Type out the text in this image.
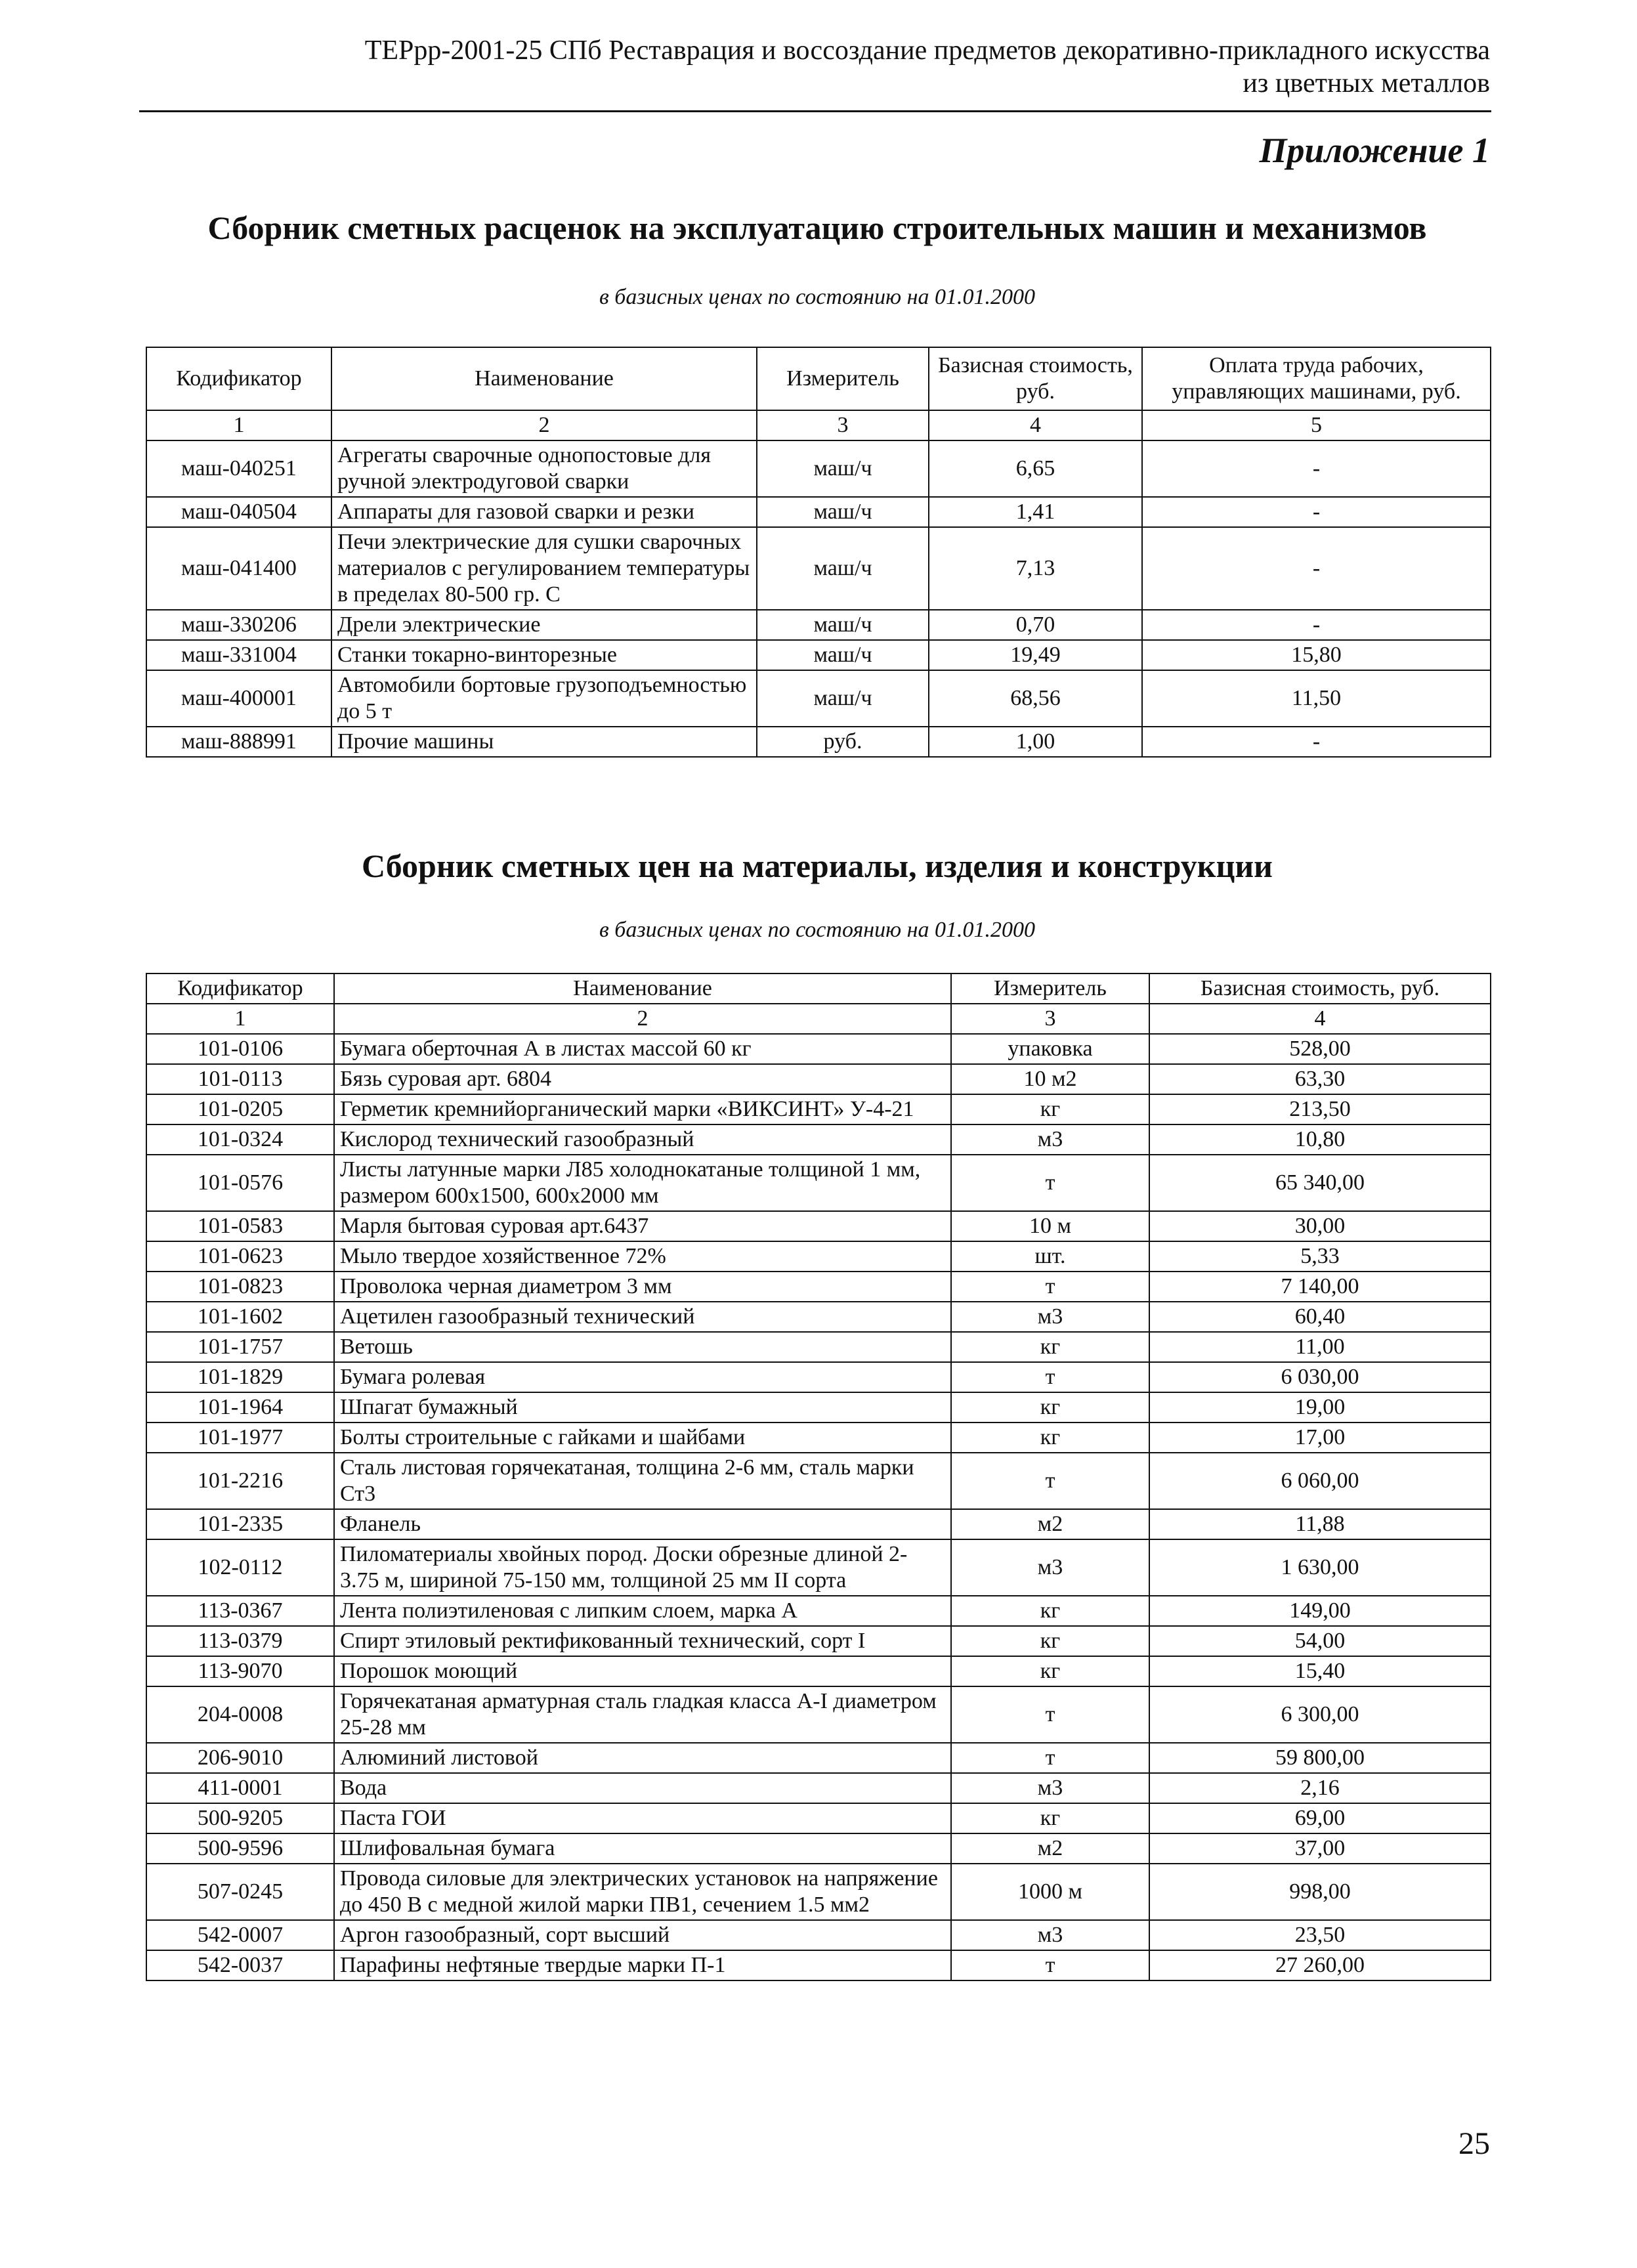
ТЕРрр-2001-25 СПб Реставрация и воссоздание предметов декоративно-прикладного искусства
из цветных металлов
Приложение 1
Сборник сметных расценок на эксплуатацию строительных машин и механизмов
в базисных ценах по состоянию на 01.01.2000
Кодификатор	Наименование	Измеритель	Базисная стоимость, руб.	Оплата труда рабочих, управляющих машинами, руб.
1	2	3	4	5
маш-040251	Агрегаты сварочные однопостовые для ручной электродуговой сварки	маш/ч	6,65	-
маш-040504	Аппараты для газовой сварки и резки	маш/ч	1,41	-
маш-041400	Печи электрические для сушки сварочных материалов с регулированием температуры в пределах 80-500 гр. С	маш/ч	7,13	-
маш-330206	Дрели электрические	маш/ч	0,70	-
маш-331004	Станки токарно-винторезные	маш/ч	19,49	15,80
маш-400001	Автомобили бортовые грузоподъемностью до 5 т	маш/ч	68,56	11,50
маш-888991	Прочие машины	руб.	1,00	-
Сборник сметных цен на материалы, изделия и конструкции
в базисных ценах по состоянию на 01.01.2000
Кодификатор	Наименование	Измеритель	Базисная стоимость, руб.
1	2	3	4
101-0106	Бумага оберточная А в листах массой 60 кг	упаковка	528,00
101-0113	Бязь суровая арт. 6804	10 м2	63,30
101-0205	Герметик кремнийорганический марки «ВИКСИНТ» У-4-21	кг	213,50
101-0324	Кислород технический газообразный	м3	10,80
101-0576	Листы латунные марки Л85 холоднокатаные толщиной 1 мм, размером 600х1500, 600х2000 мм	т	65 340,00
101-0583	Марля бытовая суровая арт.6437	10 м	30,00
101-0623	Мыло твердое хозяйственное 72%	шт.	5,33
101-0823	Проволока черная диаметром 3 мм	т	7 140,00
101-1602	Ацетилен газообразный технический	м3	60,40
101-1757	Ветошь	кг	11,00
101-1829	Бумага ролевая	т	6 030,00
101-1964	Шпагат бумажный	кг	19,00
101-1977	Болты строительные с гайками и шайбами	кг	17,00
101-2216	Сталь листовая горячекатаная, толщина 2-6 мм, сталь марки Ст3	т	6 060,00
101-2335	Фланель	м2	11,88
102-0112	Пиломатериалы хвойных пород. Доски обрезные длиной 2-3.75 м, шириной 75-150 мм, толщиной 25 мм II сорта	м3	1 630,00
113-0367	Лента полиэтиленовая с липким слоем, марка А	кг	149,00
113-0379	Спирт этиловый ректификованный технический, сорт I	кг	54,00
113-9070	Порошок моющий	кг	15,40
204-0008	Горячекатаная арматурная сталь гладкая класса А-I диаметром 25-28 мм	т	6 300,00
206-9010	Алюминий листовой	т	59 800,00
411-0001	Вода	м3	2,16
500-9205	Паста ГОИ	кг	69,00
500-9596	Шлифовальная бумага	м2	37,00
507-0245	Провода силовые для электрических установок на напряжение до 450 В с медной жилой марки ПВ1, сечением 1.5 мм2	1000 м	998,00
542-0007	Аргон газообразный, сорт высший	м3	23,50
542-0037	Парафины нефтяные твердые марки П-1	т	27 260,00
25
